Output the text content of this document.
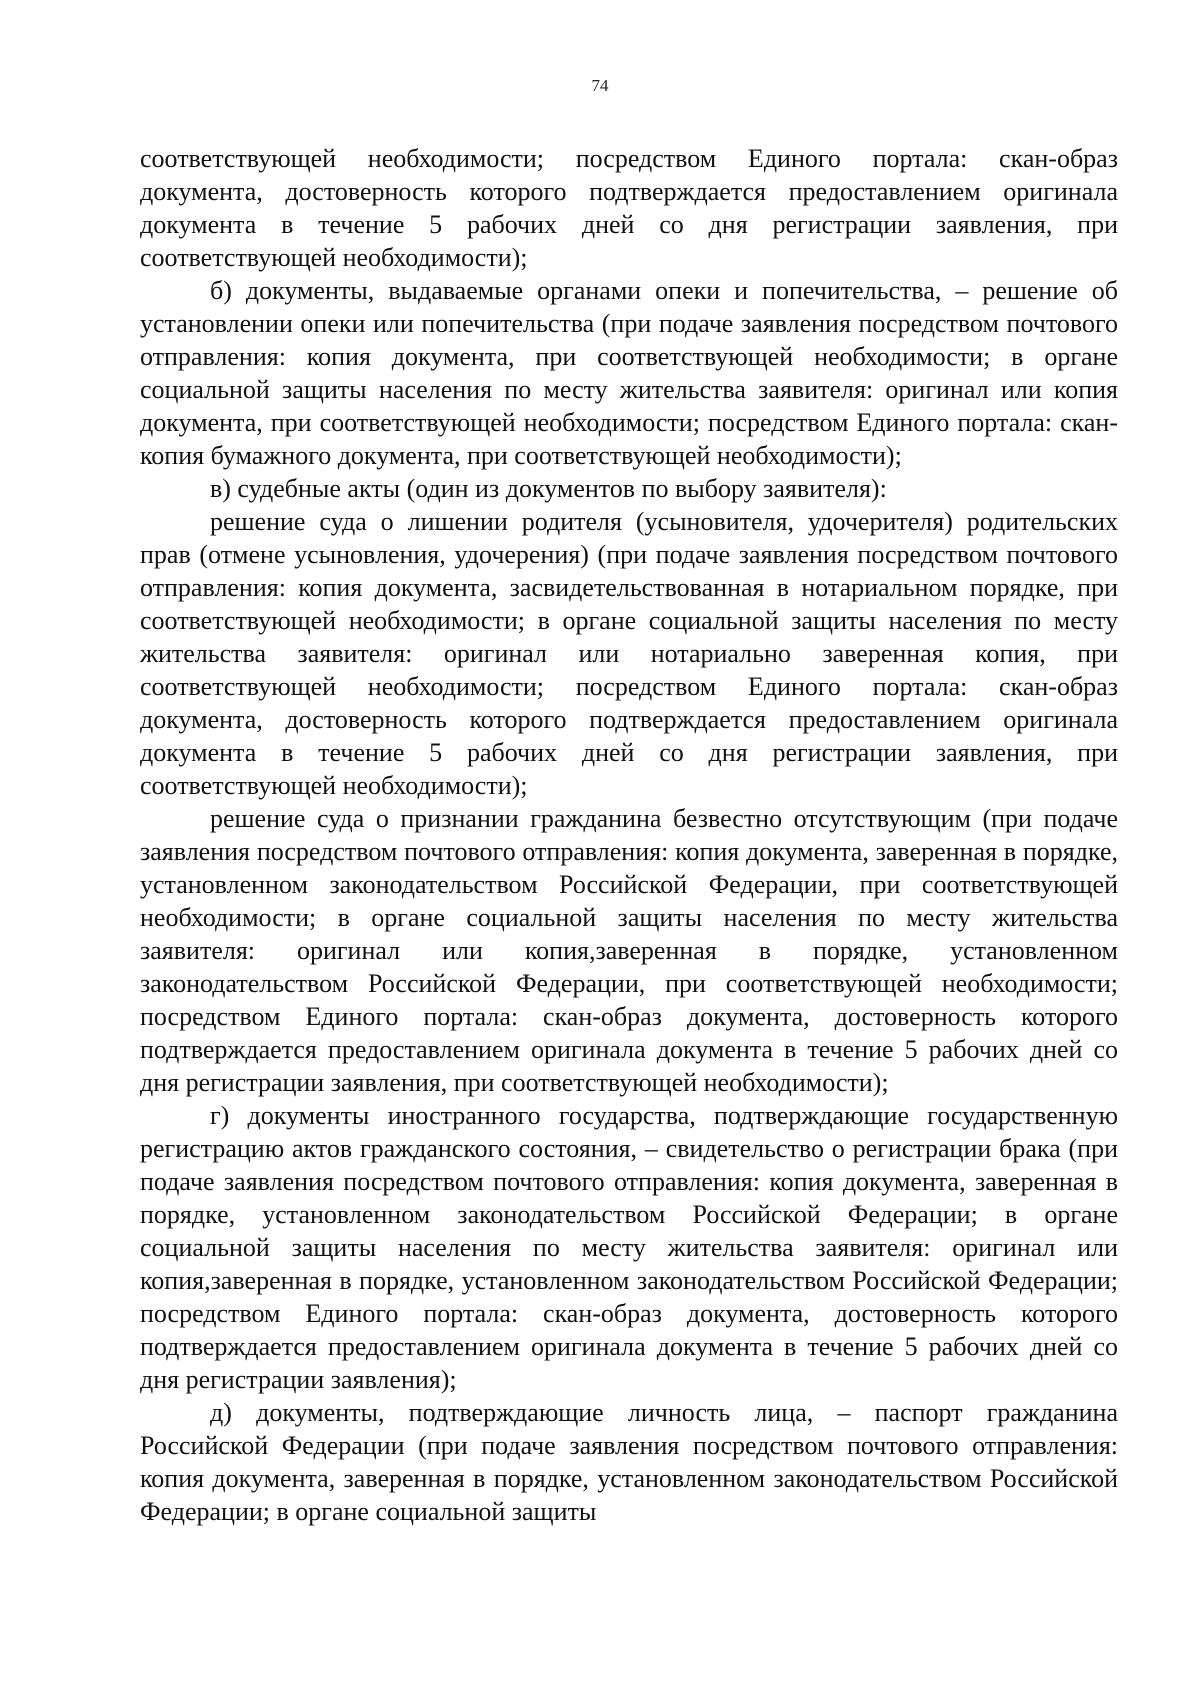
74

соответствующей необходимости; посредством Единого портала: скан-образ документа, достоверность которого подтверждается предоставлением оригинала документа в течение 5 рабочих дней со дня регистрации заявления, при соответствующей необходимости);

б) документы, выдаваемые органами опеки и попечительства, – решение об установлении опеки или попечительства (при подаче заявления посредством почтового отправления: копия документа, при соответствующей необходимости; в органе социальной защиты населения по месту жительства заявителя: оригинал или копия документа, при соответствующей необходимости; посредством Единого портала: скан-копия бумажного документа, при соответствующей необходимости);

в) судебные акты (один из документов по выбору заявителя):

решение суда о лишении родителя (усыновителя, удочерителя) родительских прав (отмене усыновления, удочерения) (при подаче заявления посредством почтового отправления: копия документа, засвидетельствованная в нотариальном порядке, при соответствующей необходимости; в органе социальной защиты населения по месту жительства заявителя: оригинал или нотариально заверенная копия, при соответствующей необходимости; посредством Единого портала: скан-образ документа, достоверность которого подтверждается предоставлением оригинала документа в течение 5 рабочих дней со дня регистрации заявления, при соответствующей необходимости);

решение суда о признании гражданина безвестно отсутствующим (при подаче заявления посредством почтового отправления: копия документа, заверенная в порядке, установленном законодательством Российской Федерации, при соответствующей необходимости; в органе социальной защиты населения по месту жительства заявителя: оригинал или копия,заверенная в порядке, установленном законодательством Российской Федерации, при соответствующей необходимости; посредством Единого портала: скан-образ документа, достоверность которого подтверждается предоставлением оригинала документа в течение 5 рабочих дней со дня регистрации заявления, при соответствующей необходимости);

г) документы иностранного государства, подтверждающие государственную регистрацию актов гражданского состояния, – свидетельство о регистрации брака (при подаче заявления посредством почтового отправления: копия документа, заверенная в порядке, установленном законодательством Российской Федерации; в органе социальной защиты населения по месту жительства заявителя: оригинал или копия,заверенная в порядке, установленном законодательством Российской Федерации; посредством Единого портала: скан-образ документа, достоверность которого подтверждается предоставлением оригинала документа в течение 5 рабочих дней со дня регистрации заявления);

д) документы, подтверждающие личность лица, – паспорт гражданина Российской Федерации (при подаче заявления посредством почтового отправления: копия документа, заверенная в порядке, установленном законодательством Российской Федерации; в органе социальной защиты
